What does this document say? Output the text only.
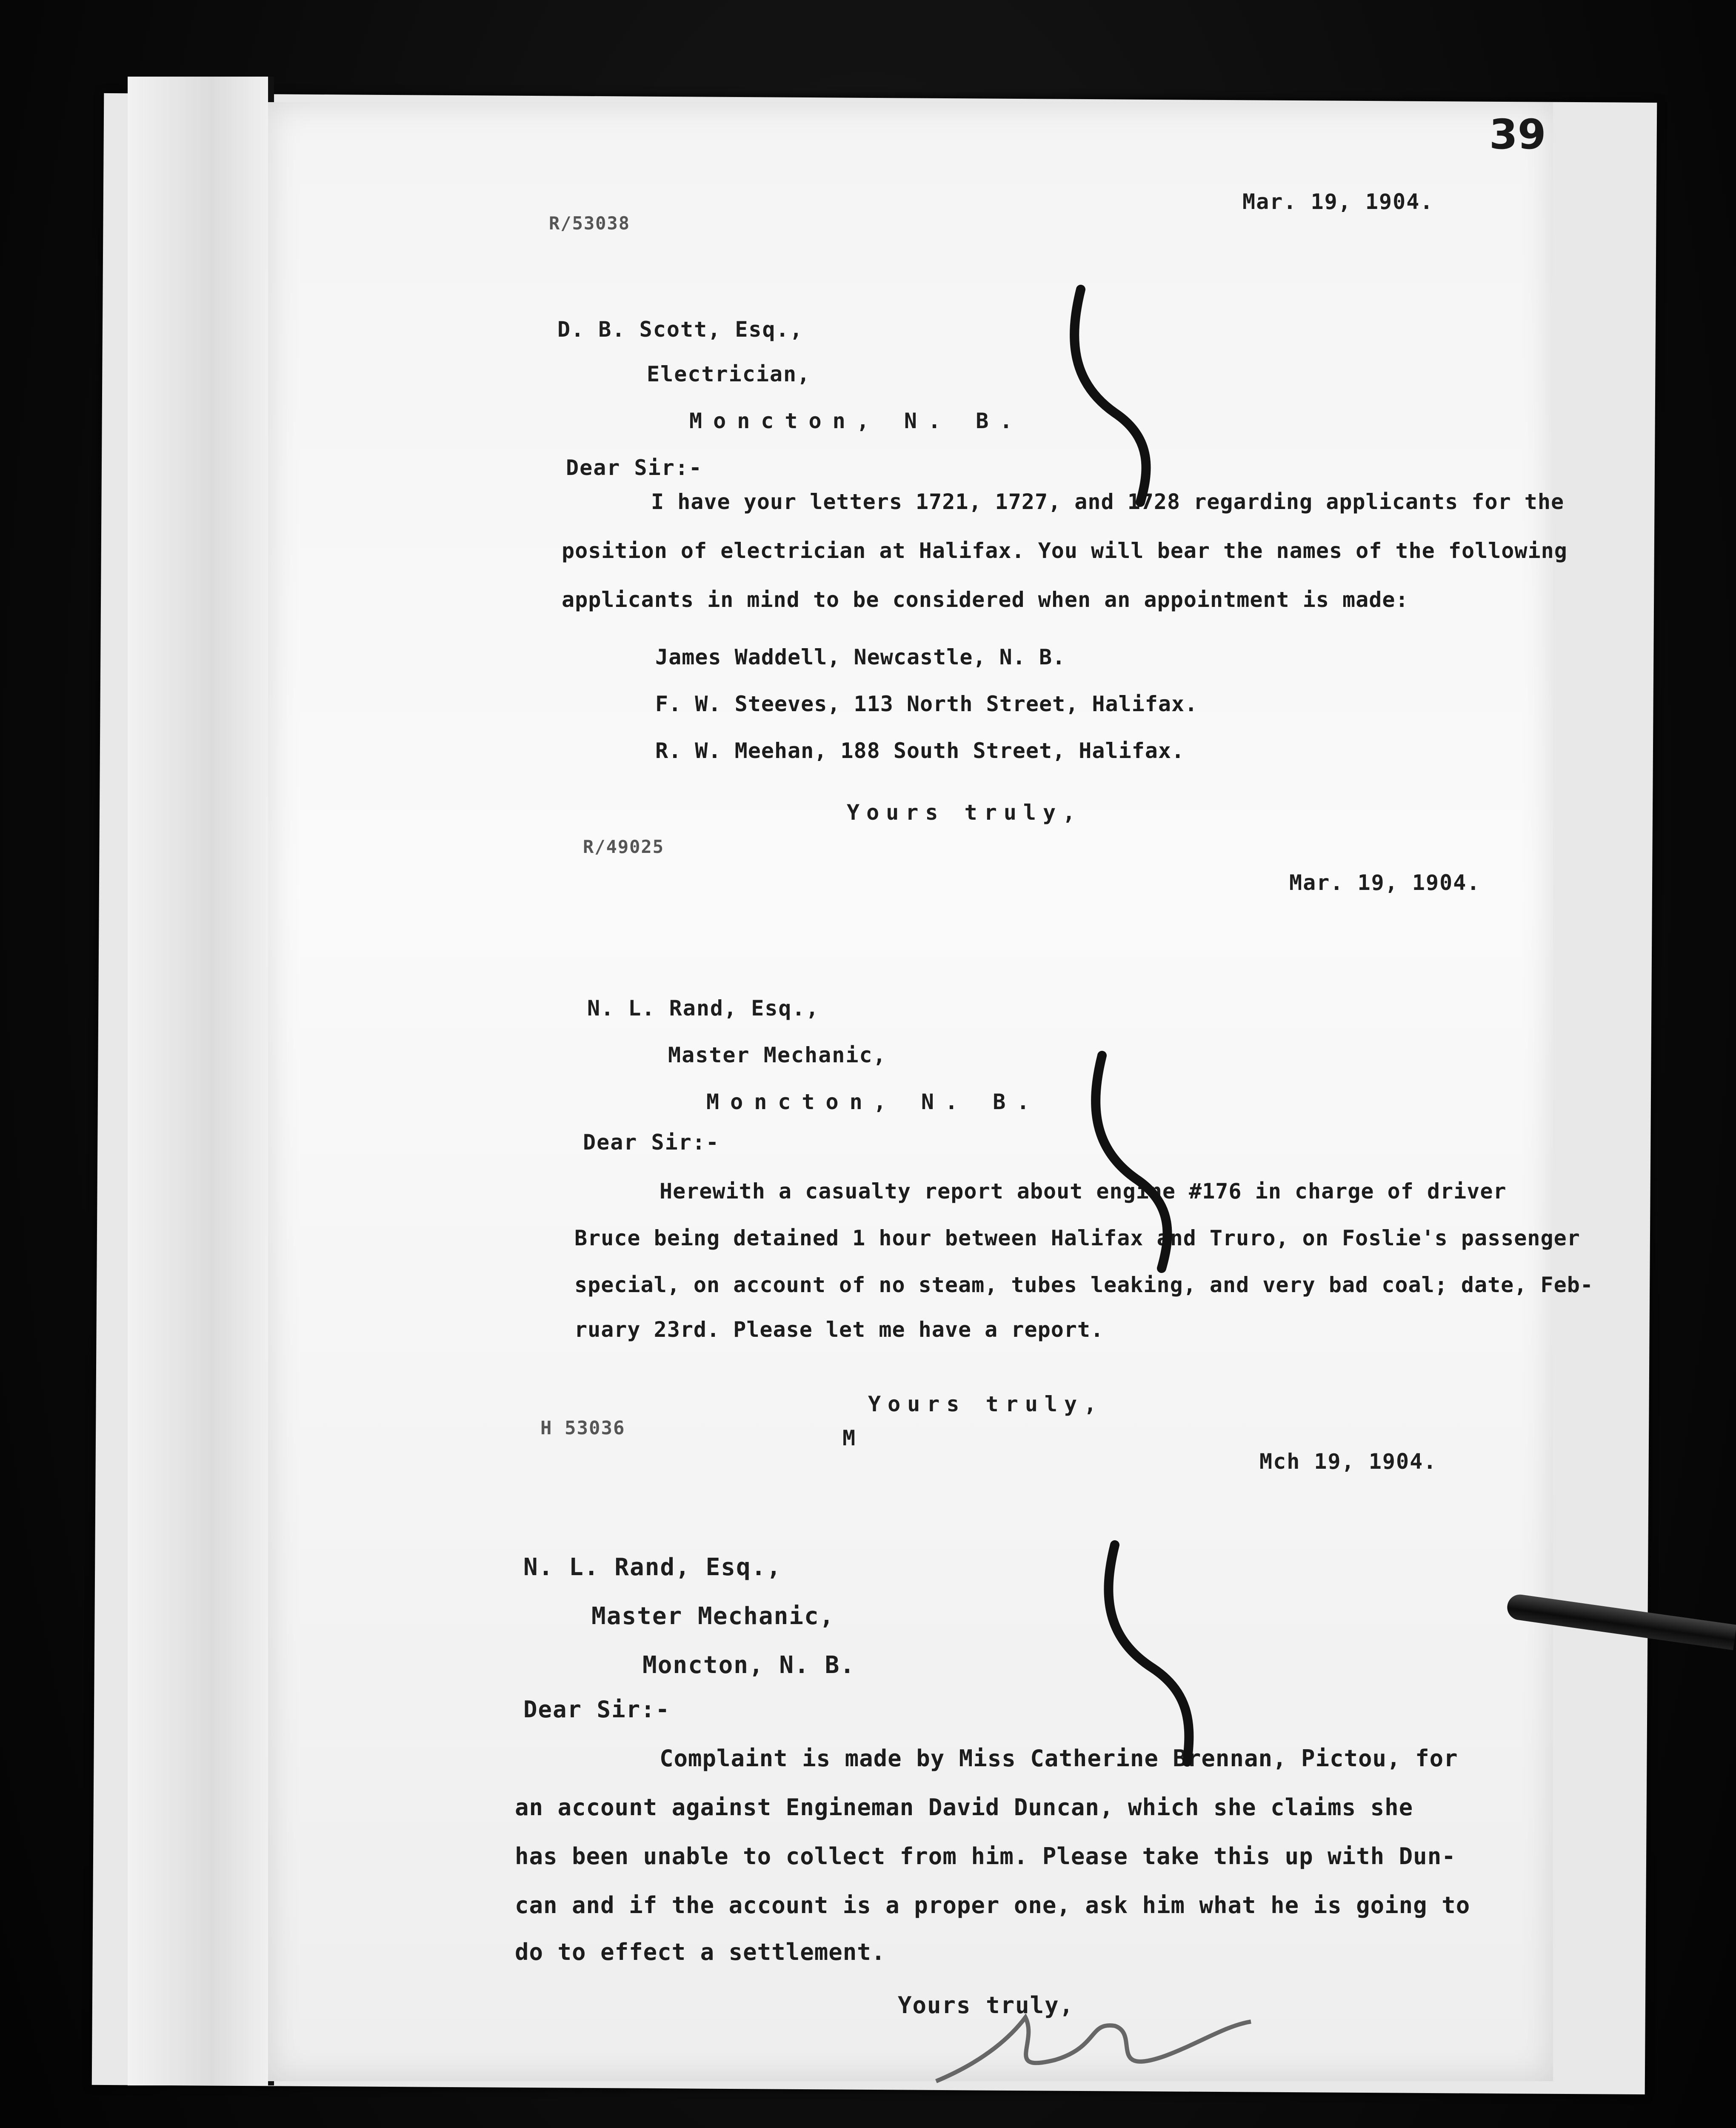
39
R/53038
Mar. 19, 1904.
D. B. Scott, Esq.,
Electrician,
Moncton, N. B.
Dear Sir:-
I have your letters 1721, 1727, and 1728 regarding applicants for the
position of electrician at Halifax. You will bear the names of the following
applicants in mind to be considered when an appointment is made:
James Waddell, Newcastle, N. B.
F. W. Steeves, 113 North Street, Halifax.
R. W. Meehan, 188 South Street, Halifax.
Yours truly,
R/49025
Mar. 19, 1904.
N. L. Rand, Esq.,
Master Mechanic,
Moncton, N. B.
Dear Sir:-
Herewith a casualty report about engine #176 in charge of driver
Bruce being detained 1 hour between Halifax and Truro, on Foslie's passenger
special, on account of no steam, tubes leaking, and very bad coal; date, Feb-
ruary 23rd. Please let me have a report.
Yours truly,
H 53036	M
Mch 19, 1904.
N. L. Rand, Esq.,
Master Mechanic,
Moncton, N. B.
Dear Sir:-
Complaint is made by Miss Catherine Brennan, Pictou, for
an account against Engineman David Duncan, which she claims she
has been unable to collect from him. Please take this up with Dun-
can and if the account is a proper one, ask him what he is going to
do to effect a settlement.
Yours truly,
